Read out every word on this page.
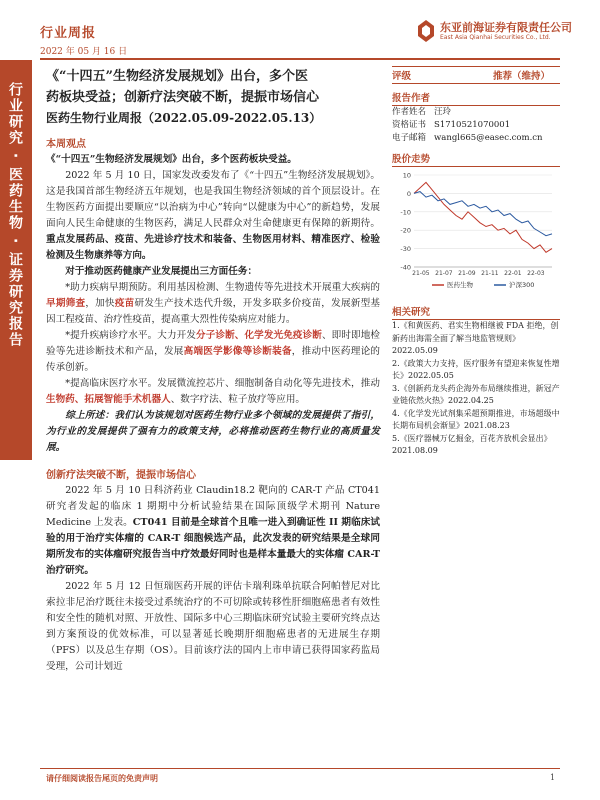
行业周报
2022 年 05 月 16 日
东亚前海证券有限责任公司
East Asia Qianhai Securities Co., Ltd.
行业研究 · 医药生物 · 证券研究报告
《“十四五”生物经济发展规划》出台，多个医
药板块受益；创新疗法突破不断，提振市场信心
医药生物行业周报（2022.05.09-2022.05.13）
本周观点

《“十四五”生物经济发展规划》出台，多个医药板块受益。

2022 年 5 月 10 日，国家发改委发布了《“十四五”生物经济发展规划》。这是我国首部生物经济五年规划，也是我国生物经济领域的首个顶层设计。在生物医药方面提出要顺应“以治病为中心”转向“以健康为中心”的新趋势，发展面向人民生命健康的生物医药，满足人民群众对生命健康更有保障的新期待。重点发展药品、疫苗、先进诊疗技术和装备、生物医用材料、精准医疗、检验检测及生物康养等方向。

对于推动医药健康产业发展提出三方面任务：

*助力疾病早期预防。利用基因检测、生物遗传等先进技术开展重大疾病的早期筛查，加快疫苗研发生产技术迭代升级，开发多联多价疫苗，发展新型基因工程疫苗、治疗性疫苗，提高重大烈性传染病应对能力。

*提升疾病诊疗水平。大力开发分子诊断、化学发光免疫诊断、即时即地检验等先进诊断技术和产品，发展高端医学影像等诊断装备，推动中医药理论的传承创新。

*提高临床医疗水平。发展微流控芯片、细胞制备自动化等先进技术，推动生物药、拓展智能手术机器人、数字疗法、粒子放疗等应用。

综上所述：我们认为该规划对医药生物行业多个领域的发展提供了指引，为行业的发展提供了强有力的政策支持，必将推动医药生物行业的高质量发展。

创新疗法突破不断，提振市场信心

2022 年 5 月 10 日科济药业 Claudin18.2 靶向的 CAR-T 产品 CT041 研究者发起的临床 1 期期中分析试验结果在国际顶级学术期刊 Nature Medicine 上发表。CT041 目前是全球首个且唯一进入到确证性 II 期临床试验的用于治疗实体瘤的 CAR-T 细胞候选产品，此次发表的研究结果是全球同期所发布的实体瘤研究报告当中疗效最好同时也是样本量最大的实体瘤 CAR-T 治疗研究。

2022 年 5 月 12 日恒瑞医药开展的评估卡瑞利珠单抗联合阿帕替尼对比索拉非尼治疗既往未接受过系统治疗的不可切除或转移性肝细胞癌患者有效性和安全性的随机对照、开放性、国际多中心三期临床研究试验主要研究终点达到方案预设的优效标准，可以显著延长晚期肝细胞癌患者的无进展生存期（PFS）以及总生存期（OS）。目前该疗法的国内上市申请已获得国家药监局受理，公司计划近

评级	推荐（维持）
报告作者
作者姓名 汪玲
资格证书 S1710521070001
电子邮箱 wangl665@easec.com.cn
股价走势
10
0
-10
-20
-30
-40
21-05 21-07 21-09 21-11 22-01 22-03
医药生物	沪深300
相关研究
1.《和黄医药、君实生物相继被 FDA 拒绝，创新药出海需全面了解当地监管规则》2022.05.09
2.《政策大力支持，医疗服务有望迎来恢复性增长》2022.05.05
3.《创新药龙头药企海外布局继续推进，新冠产业链依然火热》2022.04.25
4.《化学发光试剂集采超预期推进，市场超级中长期布局机会渐显》2021.08.23
5.《医疗器械万亿掘金，百花齐放机会显出》2021.08.09
请仔细阅读报告尾页的免责声明	1
